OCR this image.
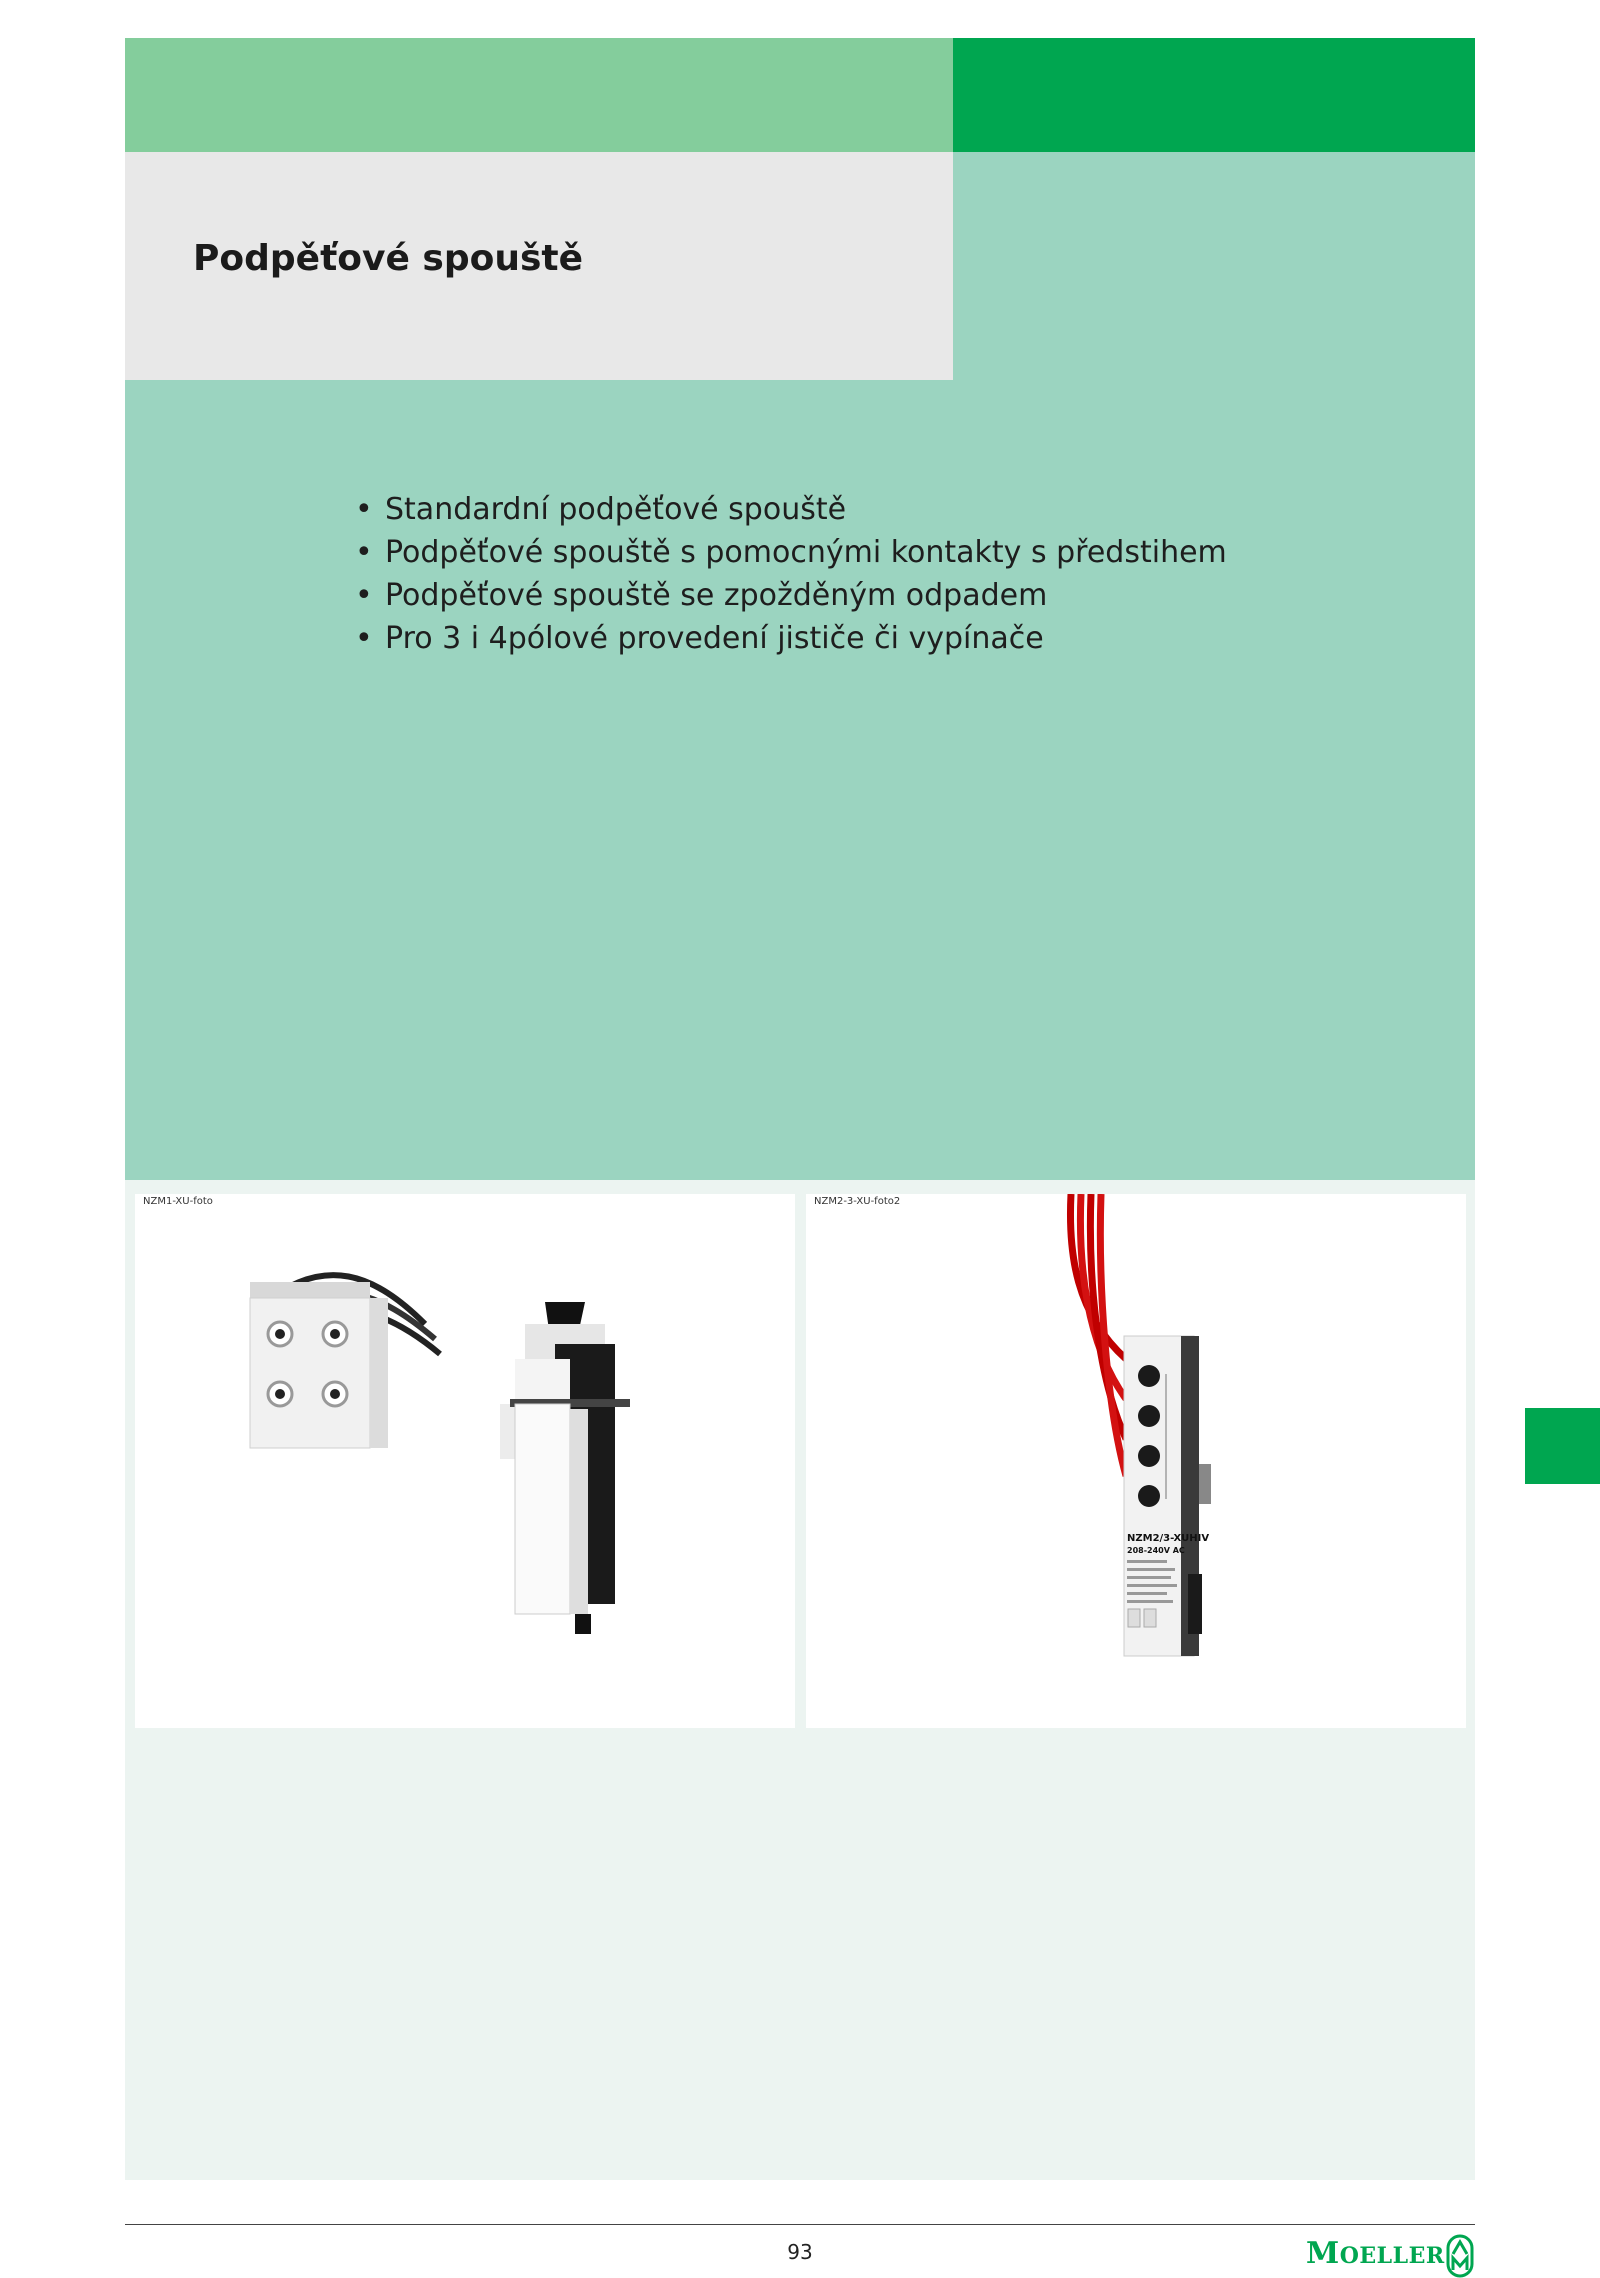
Podpěťové spouště
• Standardní podpěťové spouště
• Podpěťové spouště s pomocnými kontakty s předstihem
• Podpěťové spouště se zpožděným odpadem
• Pro 3 i 4pólové provedení jističe či vypínače
NZM1-XU-foto
NZM2/3-XUHIV
208-240V AC
NZM2-3-XU-foto2
93	MOELLER
